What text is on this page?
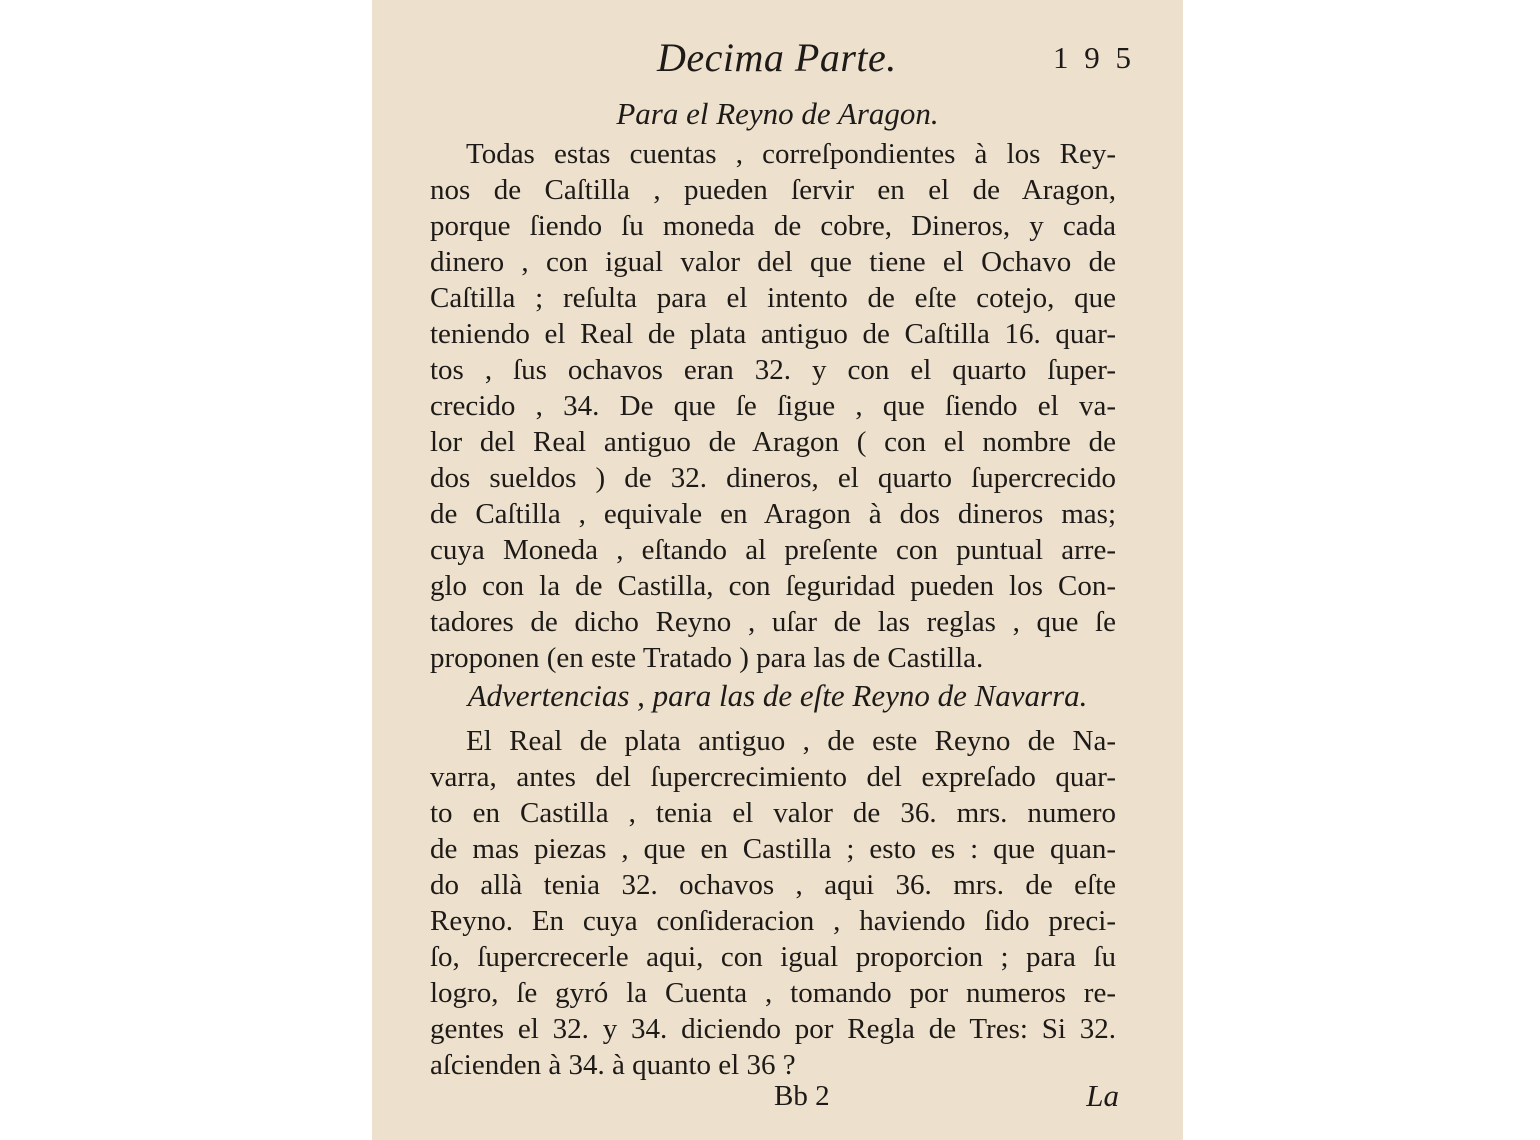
Decima Parte.	1 9 5
Para el Reyno de Aragon.
Todas estas cuentas , correſpondientes à los Rey-
nos de Caſtilla , pueden ſervir en el de Aragon,
porque ſiendo ſu moneda de cobre, Dineros, y cada
dinero , con igual valor del que tiene el Ochavo de
Caſtilla ; reſulta para el intento de eſte cotejo, que
teniendo el Real de plata antiguo de Caſtilla 16. quar-
tos , ſus ochavos eran 32. y con el quarto ſuper-
crecido , 34. De que ſe ſigue , que ſiendo el va-
lor del Real antiguo de Aragon ( con el nombre de
dos sueldos ) de 32. dineros, el quarto ſupercrecido
de Caſtilla , equivale en Aragon à dos dineros mas;
cuya Moneda , eſtando al preſente con puntual arre-
glo con la de Castilla, con ſeguridad pueden los Con-
tadores de dicho Reyno , uſar de las reglas , que ſe
proponen (en este Tratado ) para las de Castilla.
Advertencias , para las de eſte Reyno de Navarra.
El Real de plata antiguo , de este Reyno de Na-
varra, antes del ſupercrecimiento del expreſado quar-
to en Castilla , tenia el valor de 36. mrs. numero
de mas piezas , que en Castilla ; esto es : que quan-
do allà tenia 32. ochavos , aqui 36. mrs. de eſte
Reyno. En cuya conſideracion , haviendo ſido preci-
ſo, ſupercrecerle aqui, con igual proporcion ; para ſu
logro, ſe gyró la Cuenta , tomando por numeros re-
gentes el 32. y 34. diciendo por Regla de Tres: Si 32.
aſcienden à 34. à quanto el 36 ?
Bb 2	La
